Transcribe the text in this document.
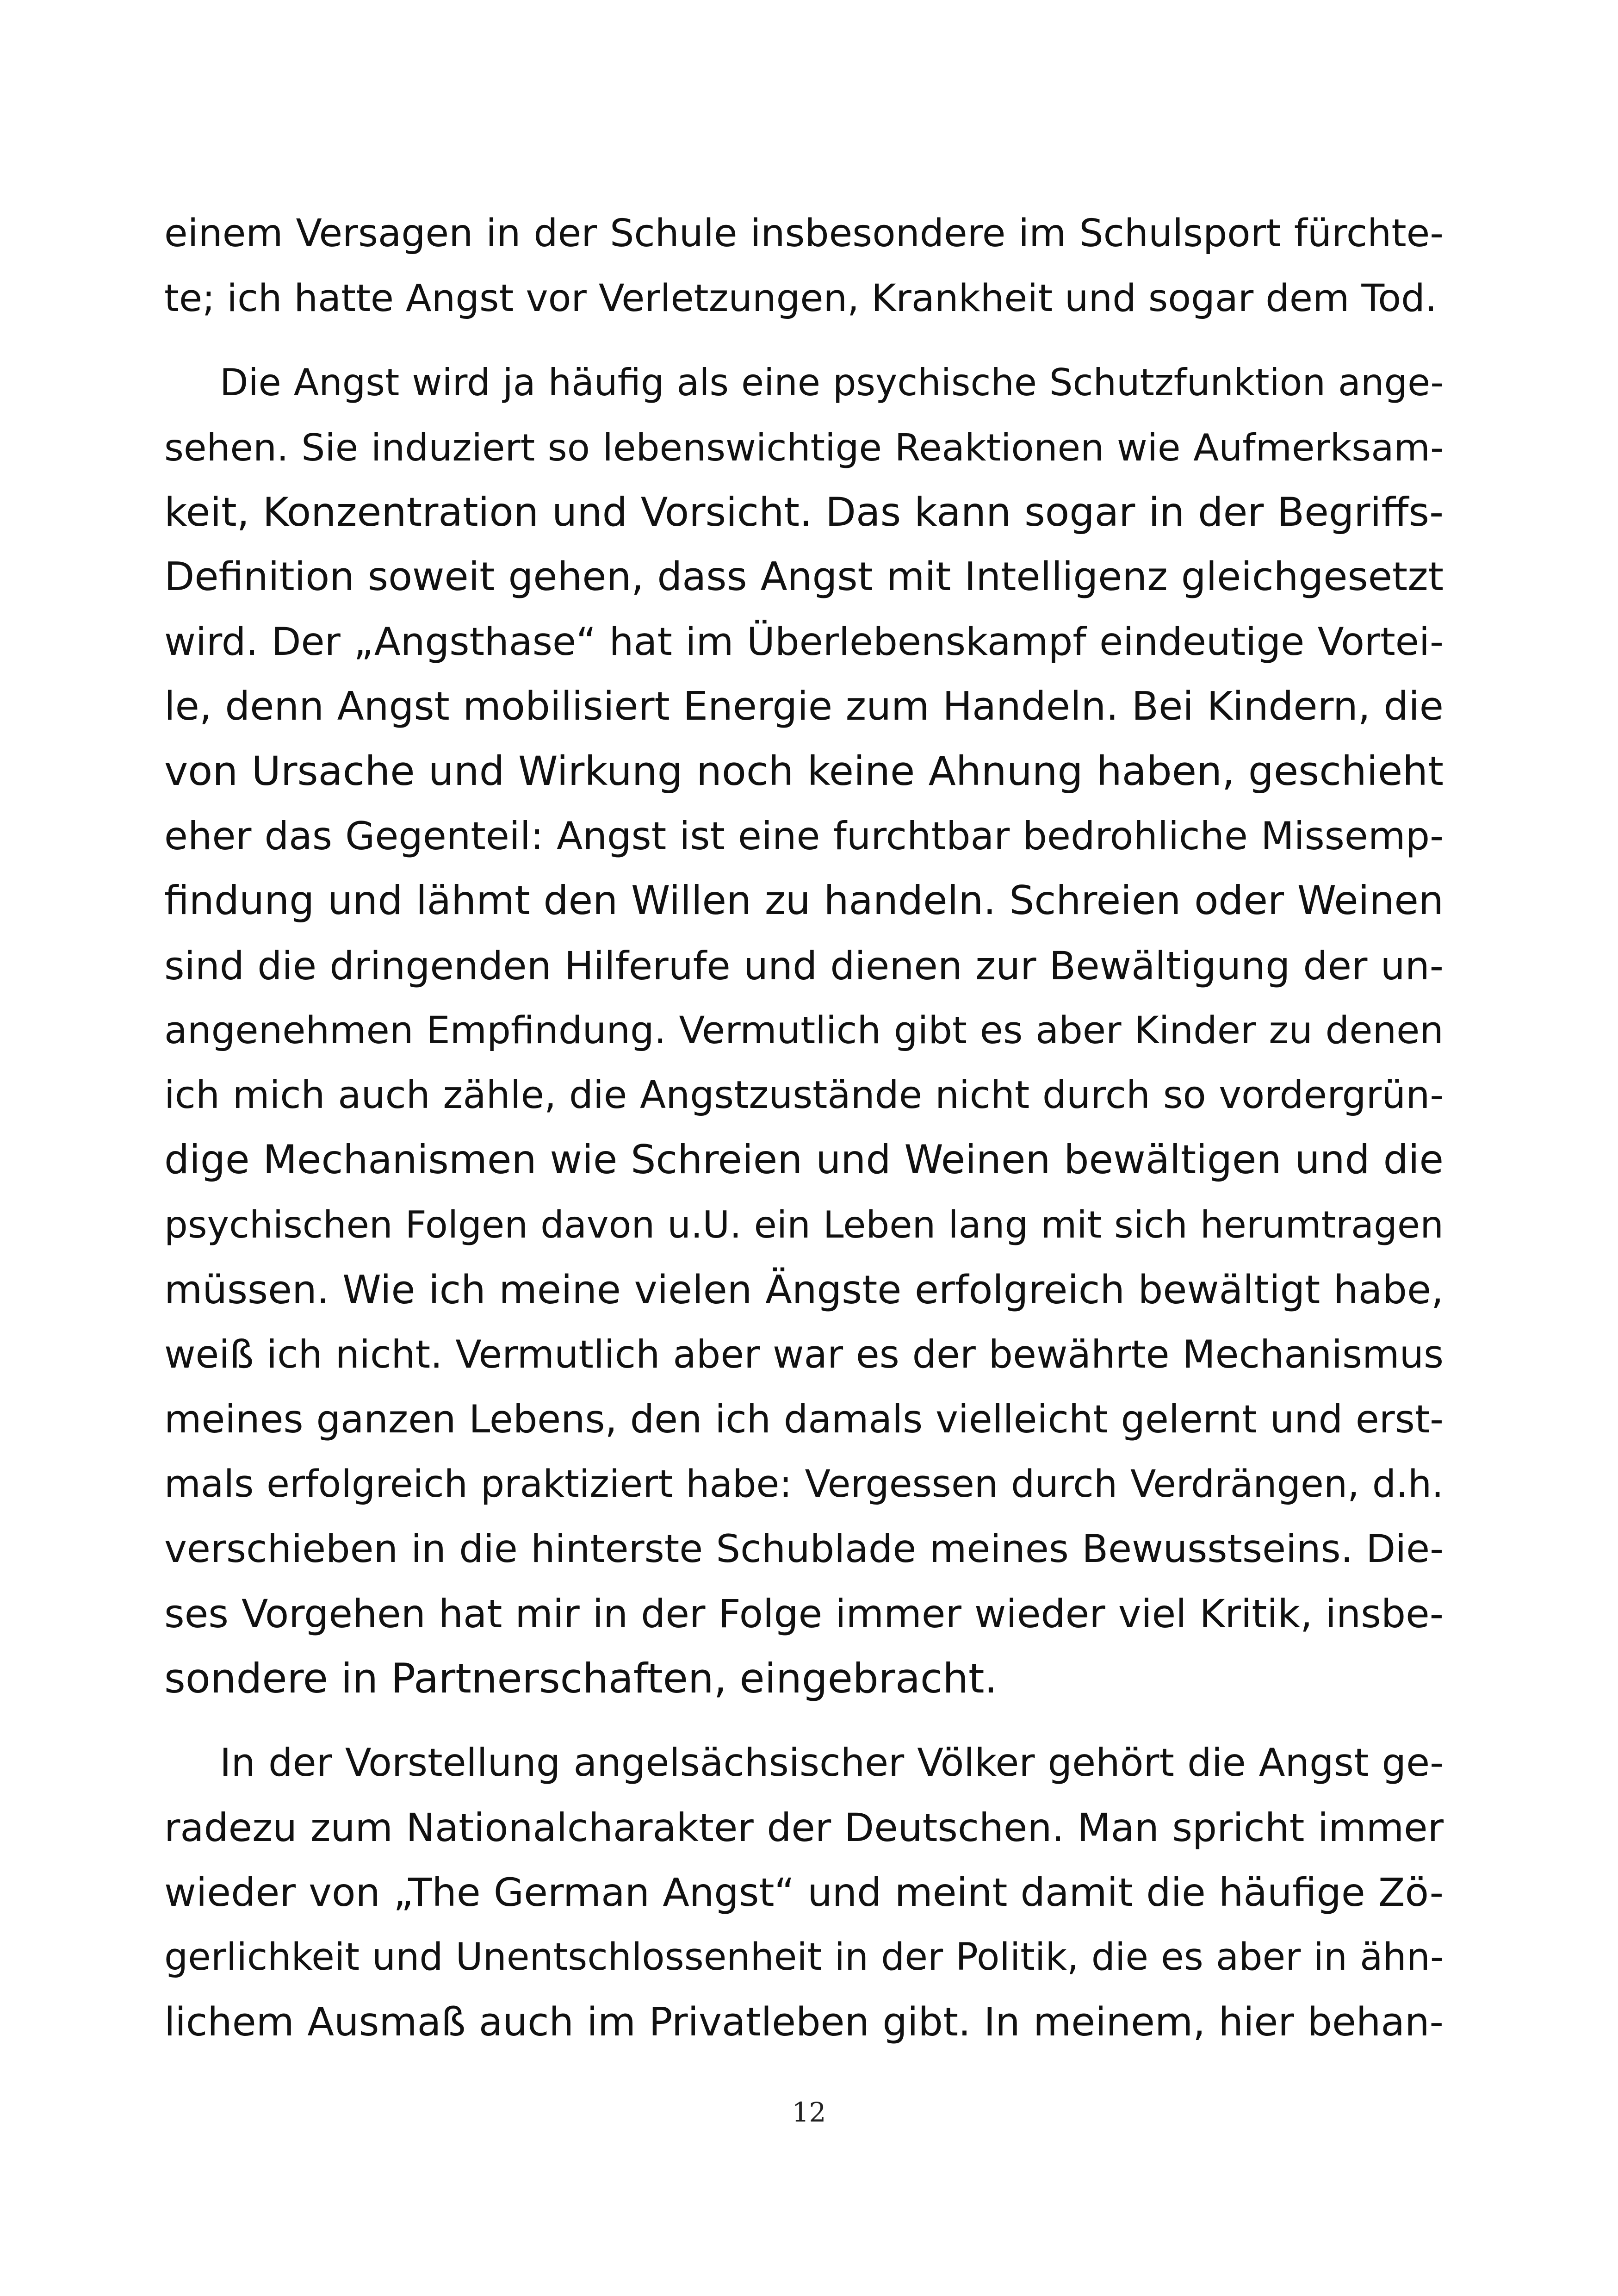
einem Versagen in der Schule insbesondere im Schulsport fürchte-
te; ich hatte Angst vor Verletzungen, Krankheit und sogar dem Tod.
Die Angst wird ja häufig als eine psychische Schutzfunktion ange-
sehen. Sie induziert so lebenswichtige Reaktionen wie Aufmerksam-
keit, Konzentration und Vorsicht. Das kann sogar in der Begriffs-
Definition soweit gehen, dass Angst mit Intelligenz gleichgesetzt
wird. Der „Angsthase“ hat im Überlebenskampf eindeutige Vortei-
le, denn Angst mobilisiert Energie zum Handeln. Bei Kindern, die
von Ursache und Wirkung noch keine Ahnung haben, geschieht
eher das Gegenteil: Angst ist eine furchtbar bedrohliche Missemp-
findung und lähmt den Willen zu handeln. Schreien oder Weinen
sind die dringenden Hilferufe und dienen zur Bewältigung der un-
angenehmen Empfindung. Vermutlich gibt es aber Kinder zu denen
ich mich auch zähle, die Angstzustände nicht durch so vordergrün-
dige Mechanismen wie Schreien und Weinen bewältigen und die
psychischen Folgen davon u.U. ein Leben lang mit sich herumtragen
müssen. Wie ich meine vielen Ängste erfolgreich bewältigt habe,
weiß ich nicht. Vermutlich aber war es der bewährte Mechanismus
meines ganzen Lebens, den ich damals vielleicht gelernt und erst-
mals erfolgreich praktiziert habe: Vergessen durch Verdrängen, d.h.
verschieben in die hinterste Schublade meines Bewusstseins. Die-
ses Vorgehen hat mir in der Folge immer wieder viel Kritik, insbe-
sondere in Partnerschaften, eingebracht.
In der Vorstellung angelsächsischer Völker gehört die Angst ge-
radezu zum Nationalcharakter der Deutschen. Man spricht immer
wieder von „The German Angst“ und meint damit die häufige Zö-
gerlichkeit und Unentschlossenheit in der Politik, die es aber in ähn-
lichem Ausmaß auch im Privatleben gibt. In meinem, hier behan-
12
